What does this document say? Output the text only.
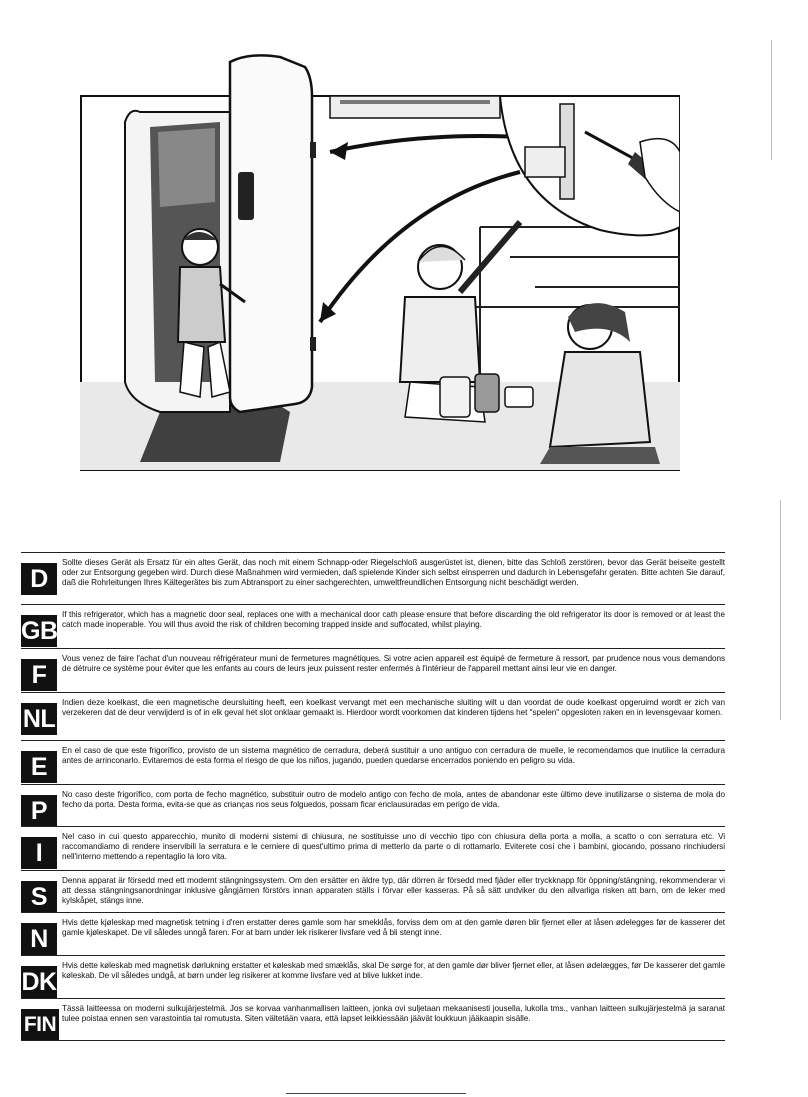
D
Sollte dieses Gerät als Ersatz für ein altes Gerät, das noch mit einem Schnapp-oder Riegelschloß ausgerüstet ist, dienen, bitte das Schloß zerstören, bevor das Gerät beiseite gestellt oder zur Entsorgung gegeben wird. Durch diese Maßnahmen wird vermieden, daß spielende Kinder sich selbst einsperren und dadurch in Lebensgefahr geraten. Bitte achten Sie darauf, daß die Rohrleitungen Ihres Kältegerätes bis zum Abtransport zu einer sachgerechten, umweltfreundlichen Entsorgung nicht beschädigt werden.
GB
If this refrigerator, which has a magnetic door seal, replaces one with a mechanical door cath please ensure that before discarding the old refrigerator its door is removed or at least the catch made inoperable. You will thus avoid the risk of children becoming trapped inside and suffocated, whilst playing.
F
Vous venez de faire l'achat d'un nouveau réfrigérateur muni de fermetures magnétiques. Si votre acien appareil est équipé de fermeture à ressort, par prudence nous vous demandons de détruire ce système pour éviter que les enfants au cours de leurs jeux puissent rester enfermés à l'intérieur de l'appareil mettant ainsi leur vie en danger.
NL
Indien deze koelkast, die een magnetische deursluiting heeft, een koelkast vervangt met een mechanische sluiting wilt u dan voordat de oude koelkast opgeruimd wordt er zich van verzekeren dat de deur verwijderd is of in elk geval het slot onklaar gemaakt is. Hierdoor wordt voorkomen dat kinderen tijdens het "spelen" opgesloten raken en in levensgevaar komen.
E
En el caso de que este frigorífico, provisto de un sistema magnético de cerradura, deberá sustituir a uno antiguo con cerradura de muelle, le recomendamos que inutilice la cerradura antes de arrinconarlo. Evitaremos de esta forma el riesgo de que los niños, jugando, pueden quedarse encerrados poniendo en peligro su vida.
P
No caso deste frigorífico, com porta de fecho magnético, substituir outro de modelo antigo con fecho de mola, antes de abandonar este último deve inutilizarse o sistema de mola do fecho da porta. Desta forma, evita-se que as crianças nos seus folguedos, possam ficar enclausuradas em perigo de vida.
I
Nel caso in cui questo apparecchio, munito di moderni sistemi di chiusura, ne sostituisse uno di vecchio tipo con chiusura della porta a molla, a scatto o con serratura etc. Vi raccomandiamo di rendere inservibili la serratura e le cerniere di quest'ultimo prima di metterlo da parte o di rottamarlo. Eviterete cosí che i bambini, giocando, possano rinchiudersi nell'interno mettendo a repentaglio la loro vita.
S
Denna apparat är försedd med ett modernt stängningssystem. Om den ersätter en äldre typ, där dörren är försedd med fjäder eller tryckknapp för öppning/stängning, rekommenderar vi att dessa stängningsanordningar inklusive gångjärnen förstörs innan apparaten ställs i förvar eller kasseras. På så sätt undviker du den allvarliga risken att barn, om de leker med kylskåpet, stängs inne.
N
Hvis dette kjøleskap med magnetisk tetning i d'ren erstatter deres gamle som har smekklås, forviss dem om at den gamle døren blir fjernet eller at låsen ødelegges før de kasserer det gamle kjøleskapet. De vil således unngå faren. For at barn under lek risikerer livsfare ved å bli stengt inne.
DK
Hvis dette køleskab med magnetisk dørlukning erstatter et køleskab med smæklås, skal De sørge for, at den gamle dør bliver fjernet eller, at låsen ødelægges, før De kasserer det gamle køleskab. De vil således undgå, at børn under leg risikerer at komme livsfare ved at blive lukket inde.
FIN
Tässä laitteessa on moderni sulkujärjestelmä. Jos se korvaa vanhanmallisen laitteen, jonka ovi suljetaan mekaanisesti jousella, lukolla tms., vanhan laitteen sulkujärjestelmä ja saranat tulee poistaa ennen sen varastointia tai romutusta. Siten vältetään vaara, että lapset leikkiessään jäävät loukkuun jääkaapin sisälle.
